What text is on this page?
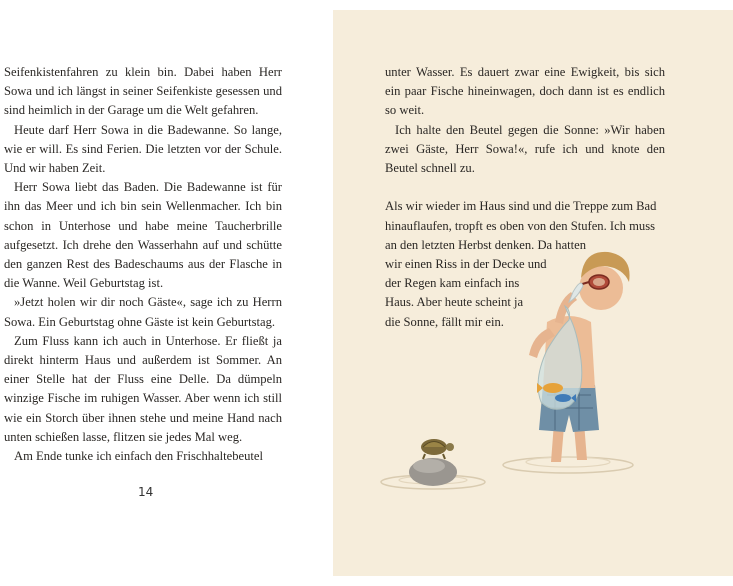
Seifenkistenfahren zu klein bin. Dabei haben Herr Sowa und ich längst in seiner Seifenkiste gesessen und sind heimlich in der Garage um die Welt gefahren.

Heute darf Herr Sowa in die Badewanne. So lange, wie er will. Es sind Ferien. Die letzten vor der Schule. Und wir haben Zeit.

Herr Sowa liebt das Baden. Die Badewanne ist für ihn das Meer und ich bin sein Wellenmacher. Ich bin schon in Unterhose und habe meine Taucherbrille aufgesetzt. Ich drehe den Wasserhahn auf und schütte den ganzen Rest des Badeschaums aus der Flasche in die Wanne. Weil Geburtstag ist.

»Jetzt holen wir dir noch Gäste«, sage ich zu Herrn Sowa. Ein Geburtstag ohne Gäste ist kein Geburtstag.

Zum Fluss kann ich auch in Unterhose. Er fließt ja direkt hinterm Haus und außerdem ist Sommer. An einer Stelle hat der Fluss eine Delle. Da dümpeln winzige Fische im ruhigen Wasser. Aber wenn ich still wie ein Storch über ihnen stehe und meine Hand nach unten schießen lasse, flitzen sie jedes Mal weg.

Am Ende tunke ich einfach den Frischhaltebeutel

14

unter Wasser. Es dauert zwar eine Ewigkeit, bis sich ein paar Fische hineinwagen, doch dann ist es endlich so weit.

Ich halte den Beutel gegen die Sonne: »Wir haben zwei Gäste, Herr Sowa!«, rufe ich und knote den Beutel schnell zu.

Als wir wieder im Haus sind und die Treppe zum Bad
hinauflaufen, tropft es oben von den Stufen. Ich muss
an den letzten Herbst denken. Da hatten
wir einen Riss in der Decke und
der Regen kam einfach ins
Haus. Aber heute scheint ja
die Sonne, fällt mir ein.
